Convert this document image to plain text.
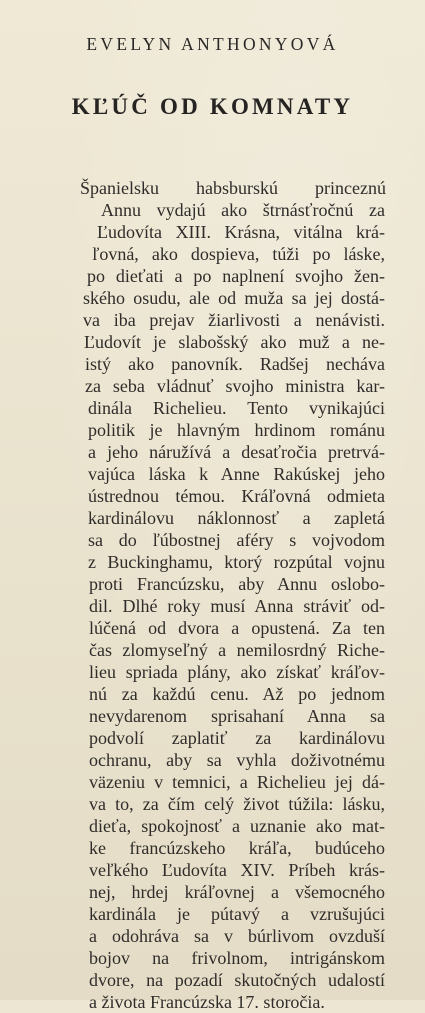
EVELYN ANTHONYOVÁ
KĽÚČ OD KOMNATY
Španielsku habsburskú princeznú
Annu vydajú ako štrnásťročnú za
Ľudovíta XIII. Krásna, vitálna krá-
ľovná, ako dospieva, túži po láske,
po dieťati a po naplnení svojho žen-
ského osudu, ale od muža sa jej dostá-
va iba prejav žiarlivosti a nenávisti.
Ľudovít je slabošský ako muž a ne-
istý ako panovník. Radšej necháva
za seba vládnuť svojho ministra kar-
dinála Richelieu. Tento vynikajúci
politik je hlavným hrdinom románu
a jeho náružívá a desaťročia pretrvá-
vajúca láska k Anne Rakúskej jeho
ústrednou témou. Kráľovná odmieta
kardinálovu náklonnosť a zapletá
sa do ľúbostnej aféry s vojvodom
z Buckinghamu, ktorý rozpútal vojnu
proti Francúzsku, aby Annu oslobo-
dil. Dlhé roky musí Anna stráviť od-
lúčená od dvora a opustená. Za ten
čas zlomyseľný a nemilosrdný Riche-
lieu spriada plány, ako získať kráľov-
nú za každú cenu. Až po jednom
nevydarenom sprisahaní Anna sa
podvolí zaplatiť za kardinálovu
ochranu, aby sa vyhla doživotnému
väzeniu v temnici, a Richelieu jej dá-
va to, za čím celý život túžila: lásku,
dieťa, spokojnosť a uznanie ako mat-
ke francúzskeho kráľa, budúceho
veľkého Ľudovíta XIV. Príbeh krás-
nej, hrdej kráľovnej a všemocného
kardinála je pútavý a vzrušujúci
a odohráva sa v búrlivom ovzduší
bojov na frivolnom, intrigánskom
dvore, na pozadí skutočných udalostí
a života Francúzska 17. storočia.
